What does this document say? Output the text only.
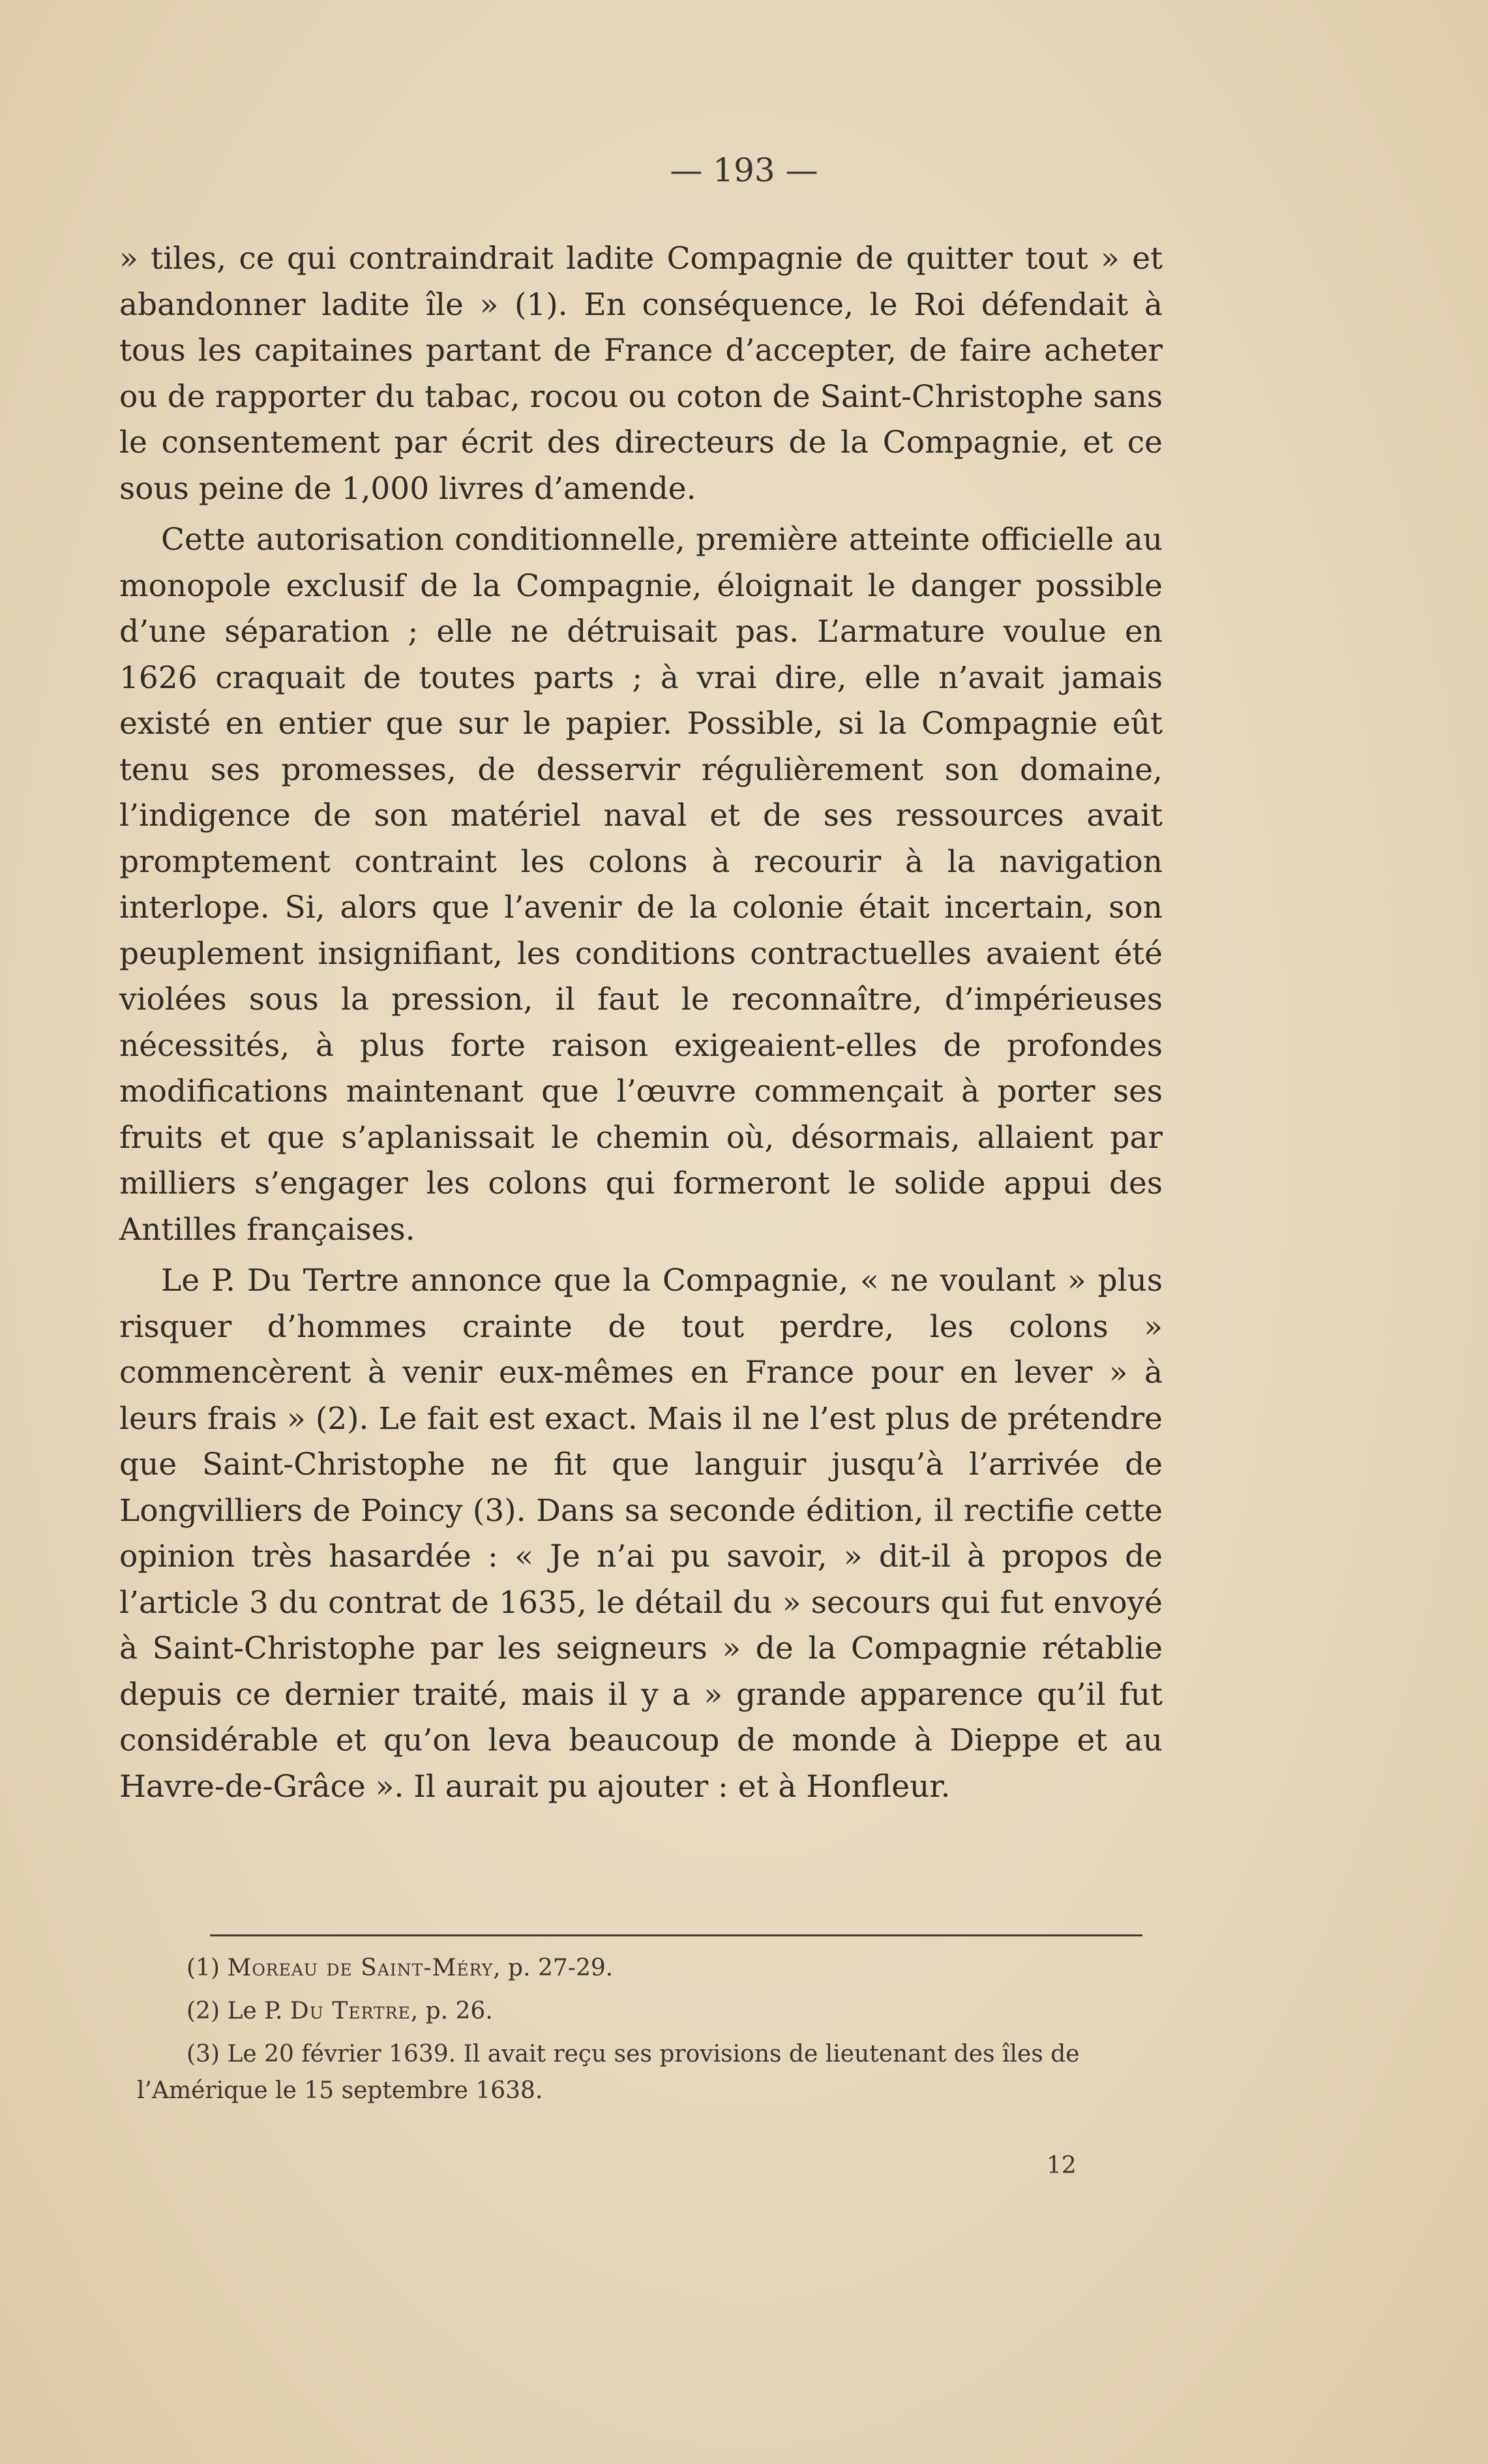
— 193 —

» tiles, ce qui contraindrait ladite Compagnie de quitter tout » et abandonner ladite île » (1). En conséquence, le Roi défendait à tous les capitaines partant de France d’accepter, de faire acheter ou de rapporter du tabac, rocou ou coton de Saint-Christophe sans le consentement par écrit des directeurs de la Compagnie, et ce sous peine de 1,000 livres d’amende.

Cette autorisation conditionnelle, première atteinte officielle au monopole exclusif de la Compagnie, éloignait le danger possible d’une séparation ; elle ne détruisait pas. L’armature voulue en 1626 craquait de toutes parts ; à vrai dire, elle n’avait jamais existé en entier que sur le papier. Possible, si la Compagnie eût tenu ses promesses, de desservir régulièrement son domaine, l’indigence de son matériel naval et de ses ressources avait promptement contraint les colons à recourir à la navigation interlope. Si, alors que l’avenir de la colonie était incertain, son peuplement insignifiant, les conditions contractuelles avaient été violées sous la pression, il faut le reconnaître, d’impérieuses nécessités, à plus forte raison exigeaient-elles de profondes modifications maintenant que l’œuvre commençait à porter ses fruits et que s’aplanissait le chemin où, désormais, allaient par milliers s’engager les colons qui formeront le solide appui des Antilles françaises.

Le P. Du Tertre annonce que la Compagnie, « ne voulant » plus risquer d’hommes crainte de tout perdre, les colons » commencèrent à venir eux-mêmes en France pour en lever » à leurs frais » (2). Le fait est exact. Mais il ne l’est plus de prétendre que Saint-Christophe ne fit que languir jusqu’à l’arrivée de Longvilliers de Poincy (3). Dans sa seconde édition, il rectifie cette opinion très hasardée : « Je n’ai pu savoir, » dit-il à propos de l’article 3 du contrat de 1635, le détail du » secours qui fut envoyé à Saint-Christophe par les seigneurs » de la Compagnie rétablie depuis ce dernier traité, mais il y a » grande apparence qu’il fut considérable et qu’on leva beaucoup de monde à Dieppe et au Havre-de-Grâce ». Il aurait pu ajouter : et à Honfleur.

(1) Moreau de Saint-Méry, p. 27-29.

(2) Le P. Du Tertre, p. 26.

(3) Le 20 février 1639. Il avait reçu ses provisions de lieutenant des îles de l’Amérique le 15 septembre 1638.

12
